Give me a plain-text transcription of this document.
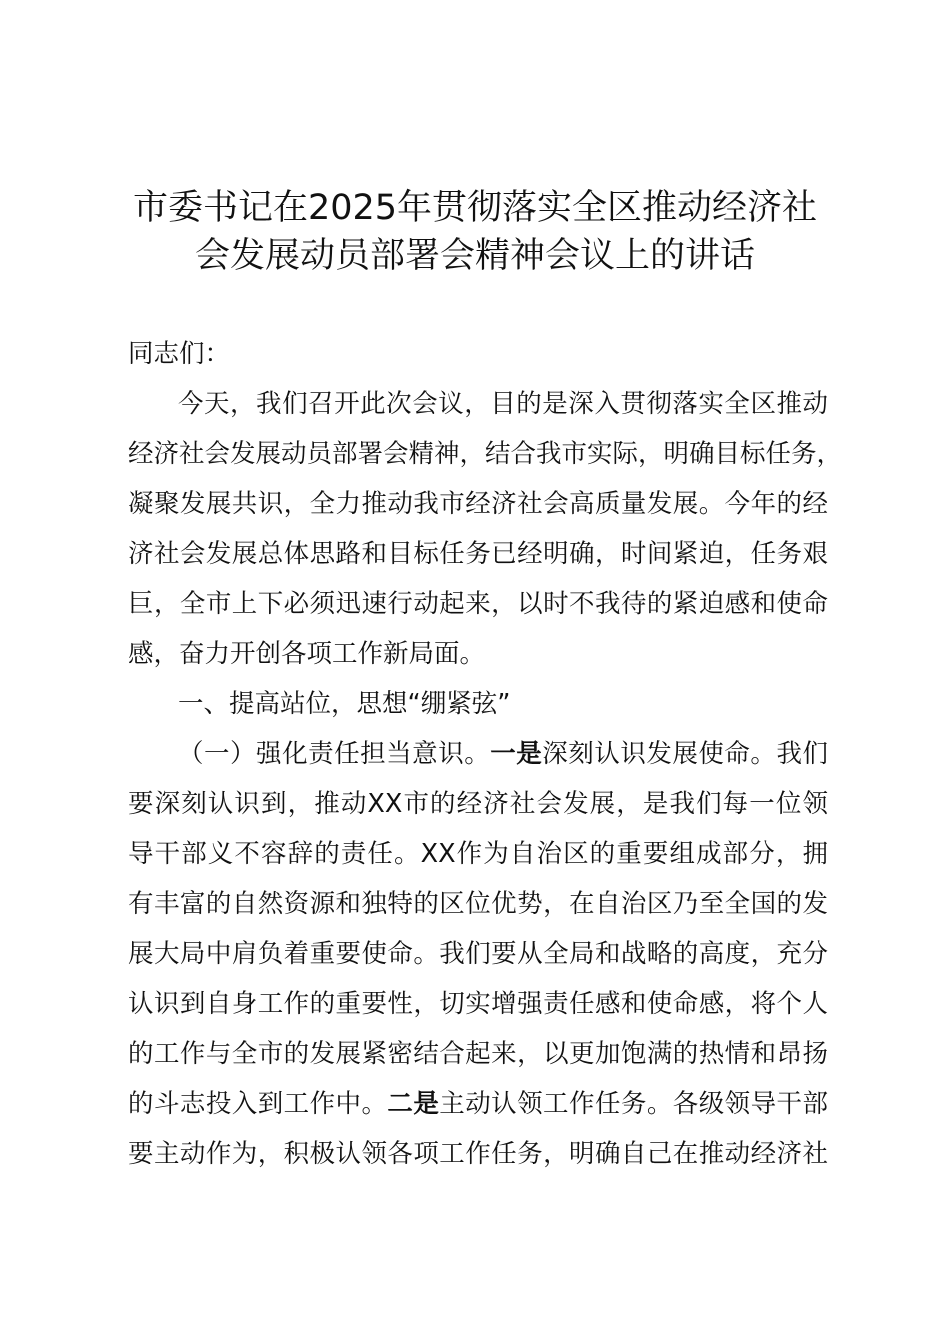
市委书记在2025年贯彻落实全区推动经济社
会发展动员部署会精神会议上的讲话
同志们：
今天，我们召开此次会议，目的是深入贯彻落实全区推动
经济社会发展动员部署会精神，结合我市实际，明确目标任务，
凝聚发展共识，全力推动我市经济社会高质量发展。今年的经
济社会发展总体思路和目标任务已经明确，时间紧迫，任务艰
巨，全市上下必须迅速行动起来，以时不我待的紧迫感和使命
感，奋力开创各项工作新局面。
一、提高站位，思想“绷紧弦”
（一）强化责任担当意识。一是深刻认识发展使命。我们
要深刻认识到，推动XX市的经济社会发展，是我们每一位领
导干部义不容辞的责任。XX作为自治区的重要组成部分，拥
有丰富的自然资源和独特的区位优势，在自治区乃至全国的发
展大局中肩负着重要使命。我们要从全局和战略的高度，充分
认识到自身工作的重要性，切实增强责任感和使命感，将个人
的工作与全市的发展紧密结合起来，以更加饱满的热情和昂扬
的斗志投入到工作中。二是主动认领工作任务。各级领导干部
要主动作为，积极认领各项工作任务，明确自己在推动经济社
